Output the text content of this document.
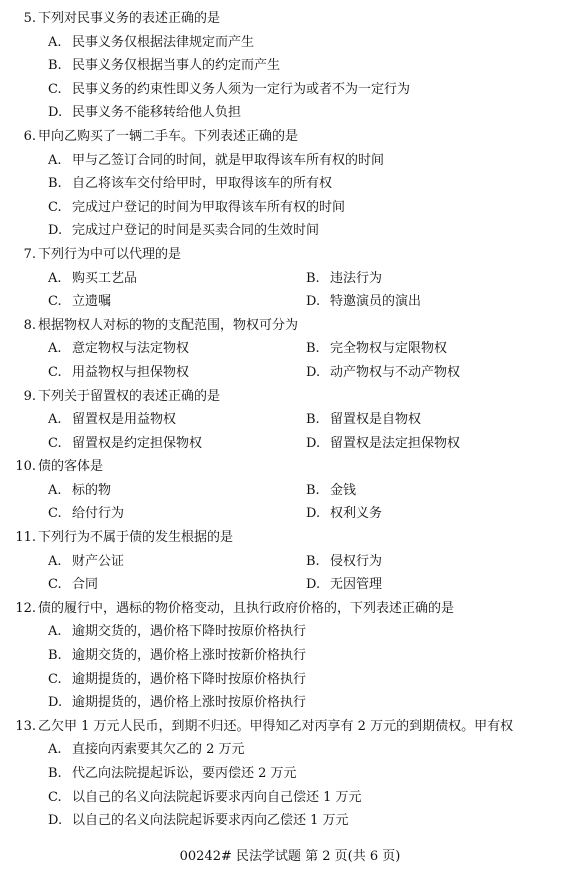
5. 下列对民事义务的表述正确的是
A. 民事义务仅根据法律规定而产生
B. 民事义务仅根据当事人的约定而产生
C. 民事义务的约束性即义务人须为一定行为或者不为一定行为
D. 民事义务不能移转给他人负担
6. 甲向乙购买了一辆二手车。下列表述正确的是
A. 甲与乙签订合同的时间，就是甲取得该车所有权的时间
B. 自乙将该车交付给甲时，甲取得该车的所有权
C. 完成过户登记的时间为甲取得该车所有权的时间
D. 完成过户登记的时间是买卖合同的生效时间
7. 下列行为中可以代理的是
A. 购买工艺品	B. 违法行为
C. 立遗嘱	D. 特邀演员的演出
8. 根据物权人对标的物的支配范围，物权可分为
A. 意定物权与法定物权	B. 完全物权与定限物权
C. 用益物权与担保物权	D. 动产物权与不动产物权
9. 下列关于留置权的表述正确的是
A. 留置权是用益物权	B. 留置权是自物权
C. 留置权是约定担保物权	D. 留置权是法定担保物权
10. 债的客体是
A. 标的物	B. 金钱
C. 给付行为	D. 权利义务
11. 下列行为不属于债的发生根据的是
A. 财产公证	B. 侵权行为
C. 合同	D. 无因管理
12. 债的履行中，遇标的物价格变动，且执行政府价格的，下列表述正确的是
A. 逾期交货的，遇价格下降时按原价格执行
B. 逾期交货的，遇价格上涨时按新价格执行
C. 逾期提货的，遇价格下降时按原价格执行
D. 逾期提货的，遇价格上涨时按原价格执行
13. 乙欠甲 1 万元人民币，到期不归还。甲得知乙对丙享有 2 万元的到期债权。甲有权
A. 直接向丙索要其欠乙的 2 万元
B. 代乙向法院提起诉讼，要丙偿还 2 万元
C. 以自己的名义向法院起诉要求丙向自己偿还 1 万元
D. 以自己的名义向法院起诉要求丙向乙偿还 1 万元
00242# 民法学试题 第 2 页(共 6 页)
